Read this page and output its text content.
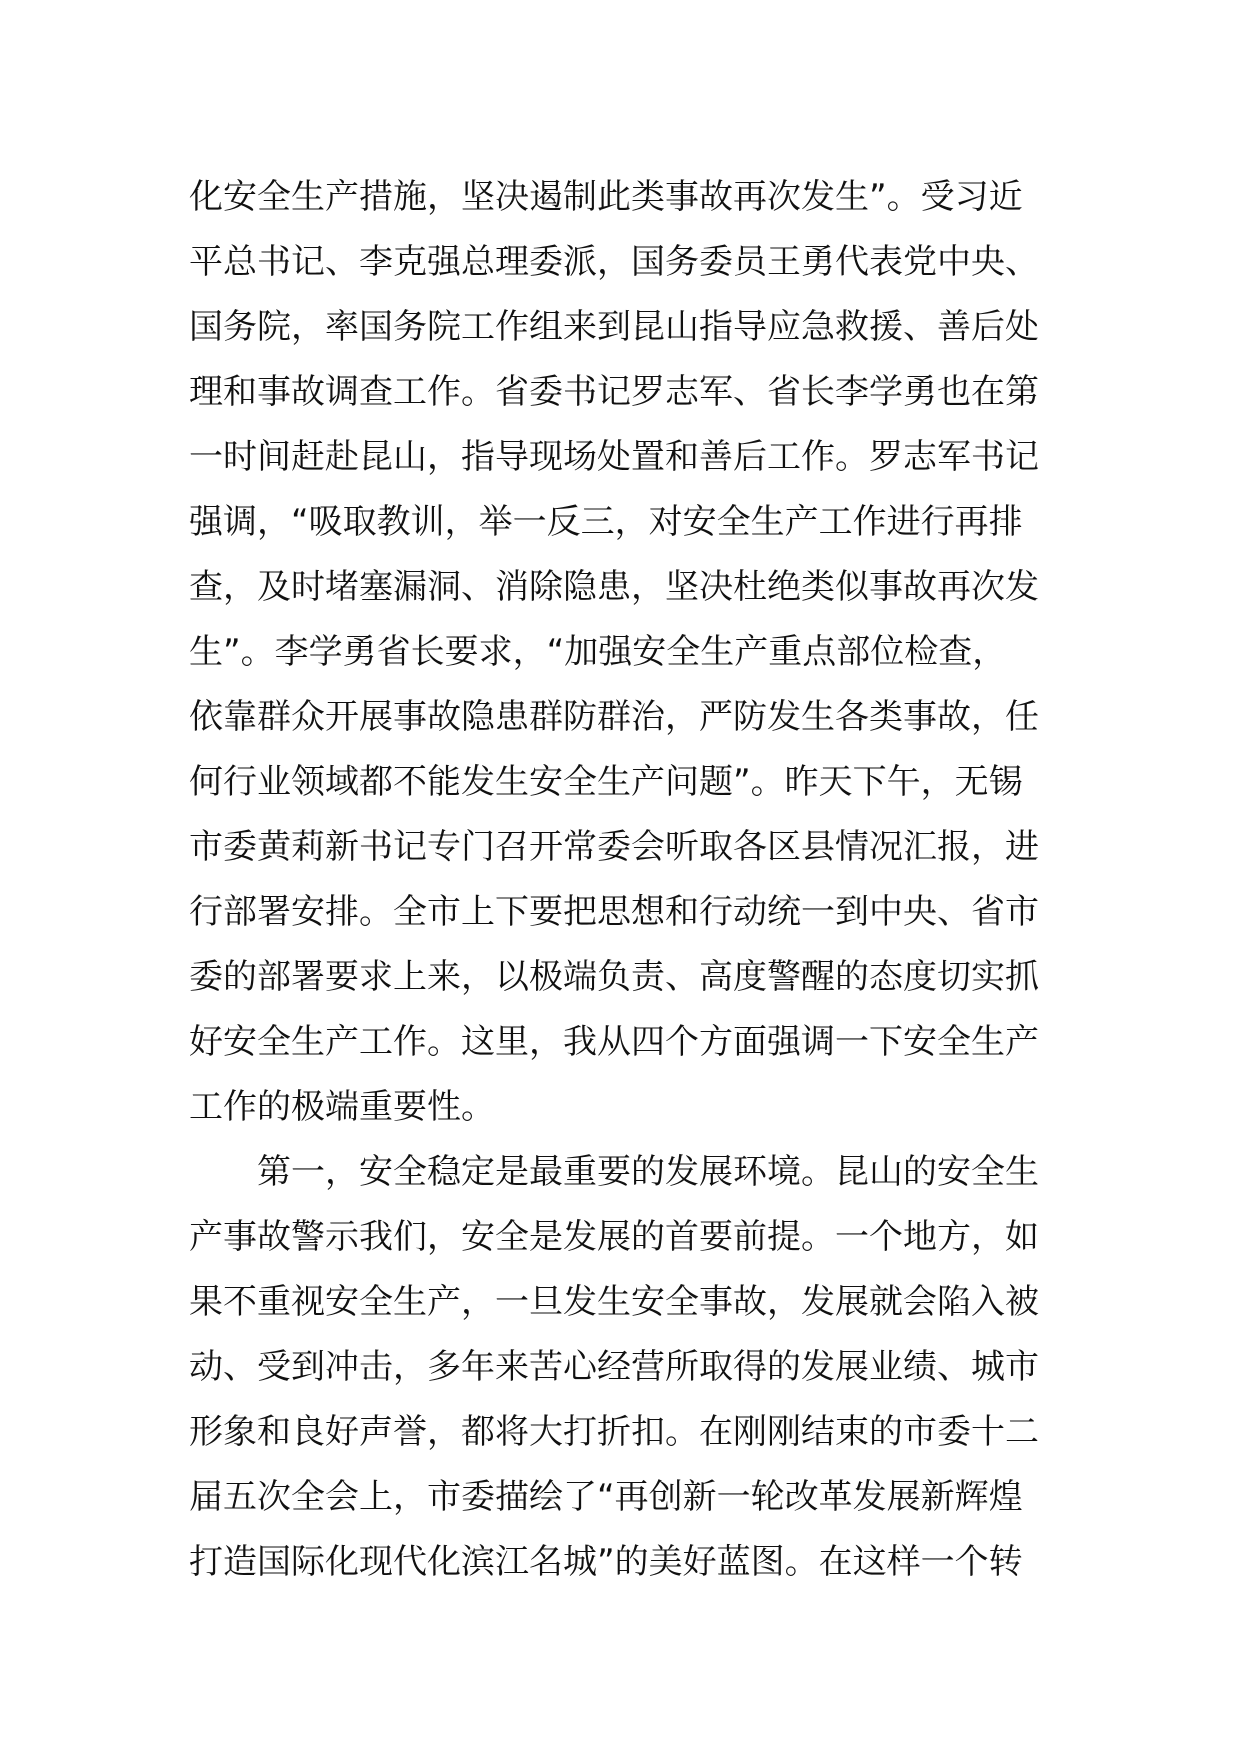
化安全生产措施，坚决遏制此类事故再次发生”。受习近
平总书记、李克强总理委派，国务委员王勇代表党中央、
国务院，率国务院工作组来到昆山指导应急救援、善后处
理和事故调查工作。省委书记罗志军、省长李学勇也在第
一时间赶赴昆山，指导现场处置和善后工作。罗志军书记
强调，“吸取教训，举一反三，对安全生产工作进行再排
查，及时堵塞漏洞、消除隐患，坚决杜绝类似事故再次发
生”。李学勇省长要求，“加强安全生产重点部位检查，
依靠群众开展事故隐患群防群治，严防发生各类事故，任
何行业领域都不能发生安全生产问题”。昨天下午，无锡
市委黄莉新书记专门召开常委会听取各区县情况汇报，进
行部署安排。全市上下要把思想和行动统一到中央、省市
委的部署要求上来，以极端负责、高度警醒的态度切实抓
好安全生产工作。这里，我从四个方面强调一下安全生产
工作的极端重要性。
第一，安全稳定是最重要的发展环境。昆山的安全生
产事故警示我们，安全是发展的首要前提。一个地方，如
果不重视安全生产，一旦发生安全事故，发展就会陷入被
动、受到冲击，多年来苦心经营所取得的发展业绩、城市
形象和良好声誉，都将大打折扣。在刚刚结束的市委十二
届五次全会上，市委描绘了“再创新一轮改革发展新辉煌
打造国际化现代化滨江名城”的美好蓝图。在这样一个转
